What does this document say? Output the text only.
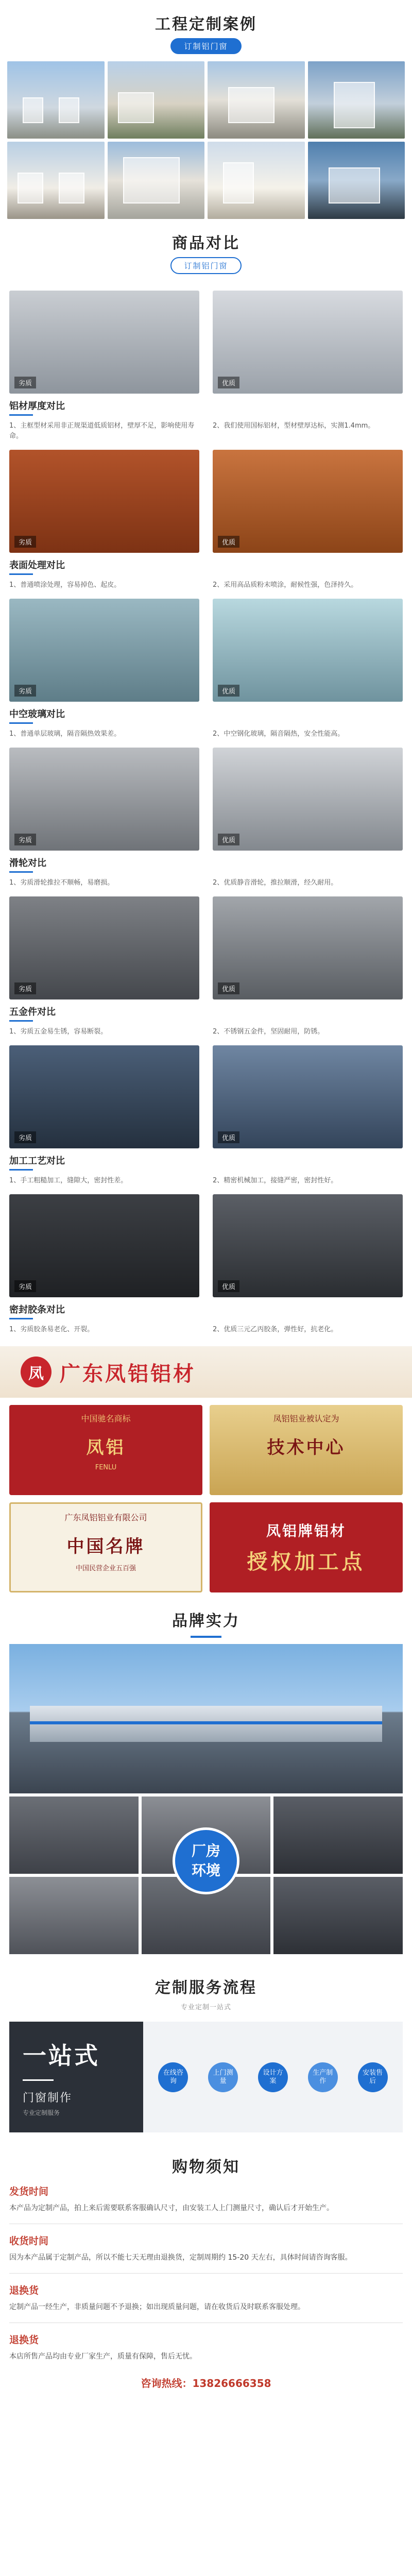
工程定制案例
订制铝门窗
商品对比
订制铝门窗
劣质	优质
铝材厚度对比
1、主框型材采用非正规渠道低质铝材，壁厚不足，影响使用寿命。
2、我们使用国标铝材，型材壁厚达标，实测1.4mm。
劣质	优质
表面处理对比
1、普通喷涂处理，容易掉色、起皮。	2、采用高品质粉末喷涂，耐候性强，色泽持久。
劣质	优质
中空玻璃对比
1、普通单层玻璃，隔音隔热效果差。	2、中空钢化玻璃，隔音隔热，安全性能高。
劣质	优质
滑轮对比
1、劣质滑轮推拉不顺畅，易磨损。	2、优质静音滑轮，推拉顺滑，经久耐用。
劣质	优质
五金件对比
1、劣质五金易生锈，容易断裂。	2、不锈钢五金件，坚固耐用，防锈。
劣质	优质
加工工艺对比
1、手工粗糙加工，缝隙大，密封性差。	2、精密机械加工，接缝严密，密封性好。
劣质	优质
密封胶条对比
1、劣质胶条易老化、开裂。	2、优质三元乙丙胶条，弹性好，抗老化。
凤 广东凤铝铝材
中国驰名商标
凤铝
FENLU
凤铝铝业被认定为
技术中心
广东凤铝铝业有限公司
中国名牌
中国民营企业五百强
凤铝牌铝材
授权加工点
品牌实力
厂房
环境
定制服务流程
专业定制一站式
一站式
门窗制作
专业定制服务
在线咨询
上门测量
设计方案
生产制作
安装售后
购物须知
发货时间
本产品为定制产品，拍上来后需要联系客服确认尺寸，由安装工人上门测量尺寸，确认后才开始生产。
收货时间
因为本产品属于定制产品，所以不能七天无理由退换货，定制周期约 15-20 天左右，具体时间请咨询客服。
退换货
定制产品一经生产，非质量问题不予退换；如出现质量问题，请在收货后及时联系客服处理。
退换货
本店所售产品均由专业厂家生产，质量有保障，售后无忧。
咨询热线：13826666358
